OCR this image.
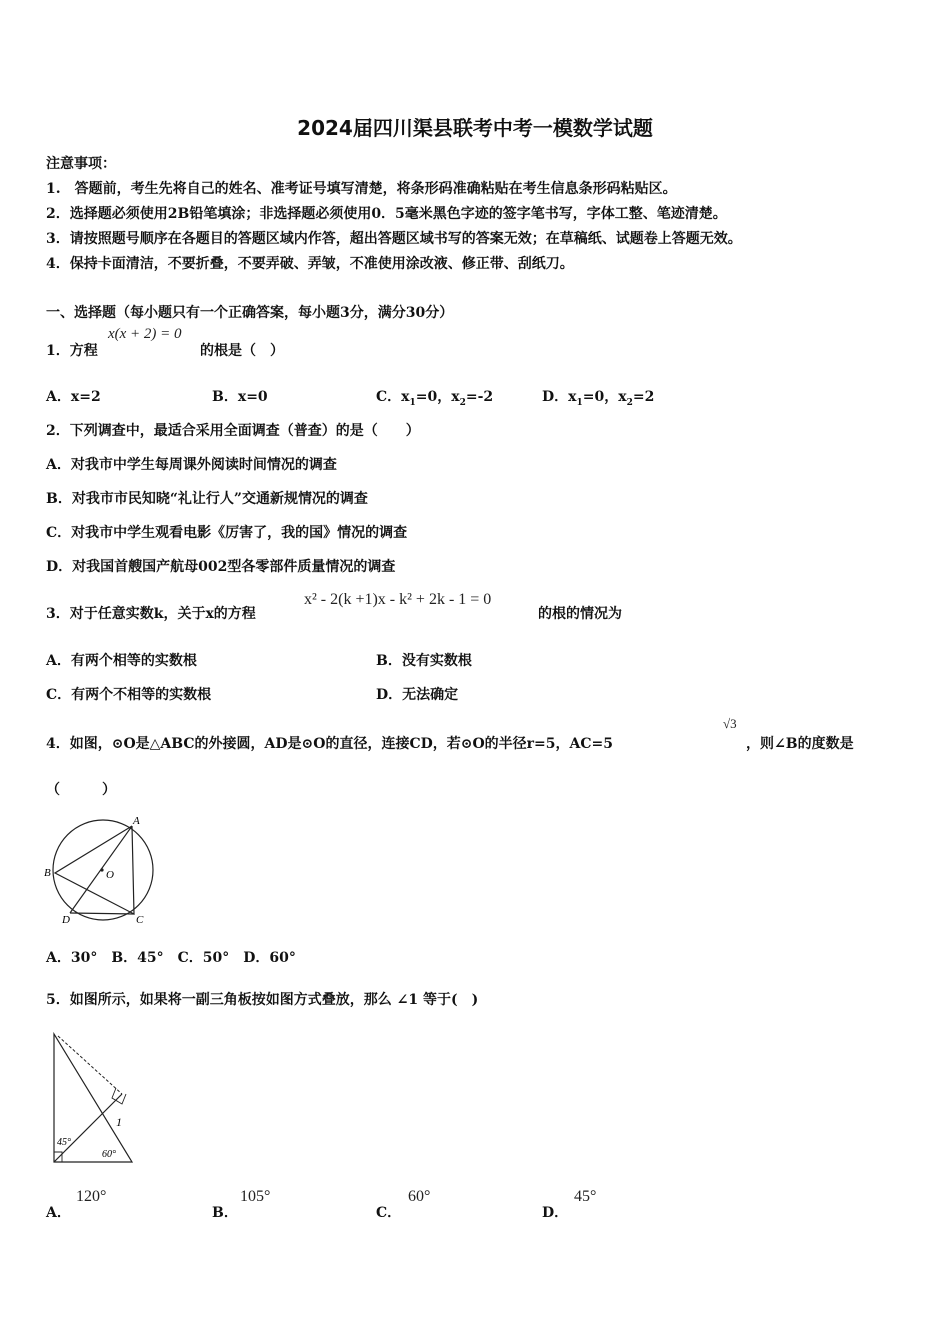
2024届四川渠县联考中考一模数学试题
注意事项：
1.　答题前，考生先将自己的姓名、准考证号填写清楚，将条形码准确粘贴在考生信息条形码粘贴区。
2．选择题必须使用2B铅笔填涂；非选择题必须使用0．5毫米黑色字迹的签字笔书写，字体工整、笔迹清楚。
3．请按照题号顺序在各题目的答题区域内作答，超出答题区域书写的答案无效；在草稿纸、试题卷上答题无效。
4．保持卡面清洁，不要折叠，不要弄破、弄皱，不准使用涂改液、修正带、刮纸刀。
一、选择题（每小题只有一个正确答案，每小题3分，满分30分）
1．方程
x(x + 2) = 0
的根是（　）
A．x=2	B．x=0	C．$x_1=0$，$x_2=-2$	D．$x_1=0$，$x_2=2$
2．下列调查中，最适合采用全面调查（普查）的是（　　）
A．对我市中学生每周课外阅读时间情况的调查
B．对我市市民知晓“礼让行人”交通新规情况的调查
C．对我市中学生观看电影《厉害了，我的国》情况的调查
D．对我国首艘国产航母002型各零部件质量情况的调查
3．对于任意实数k，关于x的方程
x² - 2(k +1)x - k² + 2k - 1 = 0
的根的情况为
A．有两个相等的实数根	B．没有实数根
C．有两个不相等的实数根	D．无法确定
4．如图，⊙O是△ABC的外接圆，AD是⊙O的直径，连接CD，若⊙O的半径r=5，AC=5
√3
，则∠B的度数是
（　　　）
A
B
C
D
O
A．30°　B．45°　C．50°　D．60°
5．如图所示，如果将一副三角板按如图方式叠放，那么 ∠1 等于(　)
45°
60°
1
A．
120°
B．
105°
C．
60°
D．
45°
